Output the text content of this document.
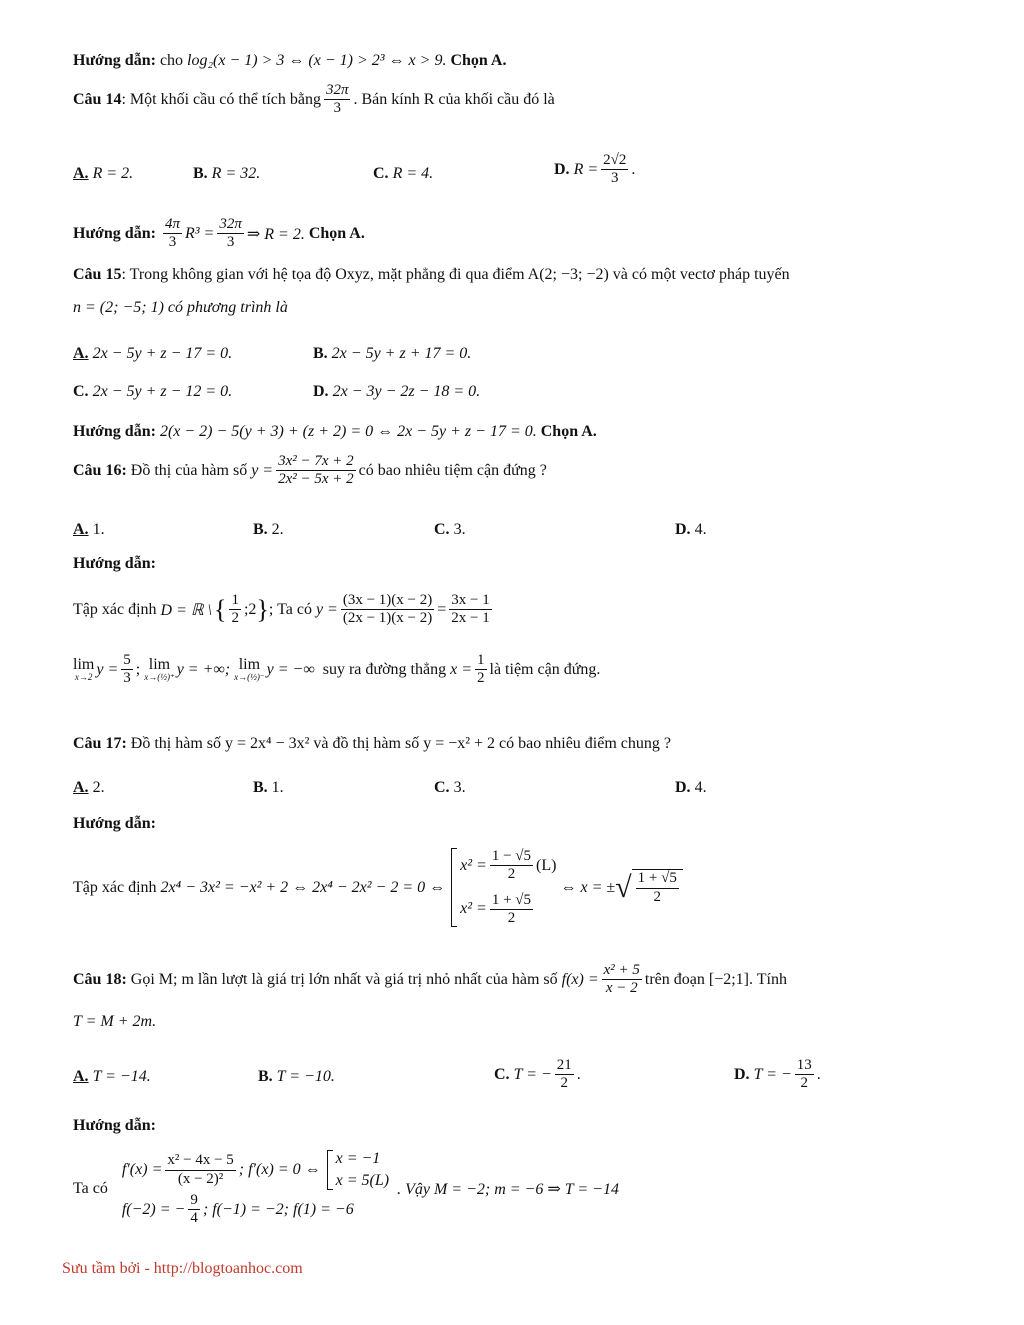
Hướng dẫn:
cho
log₂(x − 1) > 3 ⇔ (x − 1) > 2³ ⇔ x > 9.
Chọn A.
Câu 14 : Một khối cầu có thể tích bằng $\frac{32\pi}{3}$ . Bán kính R của khối cầu đó là
A.
R = 2.	B.
R = 32.	C.
R = 4.	D.
$R = \frac{2√2}{3}$ .
Hướng dẫn:
$\frac{4\pi}{3} R^3 = \frac{32\pi}{3}$ ⇒ R = 2.
Chọn A.
Câu 15 : Trong không gian với hệ tọa độ Oxyz, mặt phẳng đi qua điểm A(2; −3; −2) và có một vectơ pháp tuyến
n = (2; −5; 1) có phương trình là
A.
2x − 5y + z − 17 = 0.	B.
2x − 5y + z + 17 = 0.
C.
2x − 5y + z − 12 = 0.	D.
2x − 3y − 2z − 18 = 0.
Hướng dẫn:
2(x − 2) − 5(y + 3) + (z + 2) = 0 ⇔ 2x − 5y + z − 17 = 0.
Chọn A.
Câu 16:
Đồ thị của hàm số
$y = \frac{\text{3x² − 7x + 2}}{\text{2x² − 5x + 2}}$ có bao nhiêu tiệm cận đứng ?
A.
1.	B.
2.	C.
3.	D.
4.
Hướng dẫn:
Tập xác định
D = ℝ \ { $\frac{1}{2}$ ;2 } ; Ta có
$y = \frac{(3x - 1)(x - 2)}{(2x - 1)(x - 2)} = \frac{3x - 1}{2x - 1}$
lim
x→2 $y = \frac{5}{3}$ ; lim
x→(½)⁺ y = +∞;
lim
x→(½)⁻ y = −∞
suy ra đường thẳng
$x = \frac{1}{2}$ là tiệm cận đứng.
Câu 17:
Đồ thị hàm số y = 2x⁴ − 3x² và đồ thị hàm số y = −x² + 2 có bao nhiêu điểm chung ?
A.
2.	B.
1.	C.
3.	D.
4.
Hướng dẫn:
Tập xác định
2x⁴ − 3x² = −x² + 2 ⇔ 2x⁴ − 2x² − 2 = 0 ⇔
$x^2 = \frac{1 - √5}{2} (L)$
$x^2 = \frac{1 + √5}{2}$
⇔ x = ± √ $\frac{1 + √5}{2}$
Câu 18:
Gọi M; m lần lượt là giá trị lớn nhất và giá trị nhỏ nhất của hàm số
$f(x) = \frac{\text{x² + 5}}{x - 2}$ trên đoạn [−2;1]. Tính
T = M + 2m.
A.
T = −14.	B.
T = −10.	C.
T = − $\frac{21}{2}$ .	D.
T = − $\frac{13}{2}$ .
Hướng dẫn:
Ta có
$f'(x) = \frac{\text{x² − 4x − 5}}{\text{(x − 2)²}}$ ; f′(x) = 0 ⇔
x = −1
x = 5(L)
f(−2) = − $\frac{9}{4}$ ; f(−1) = −2; f(1) = −6
. Vậy M = −2; m = −6 ⇒ T = −14
Sưu tầm bởi - http://blogtoanhoc.com
